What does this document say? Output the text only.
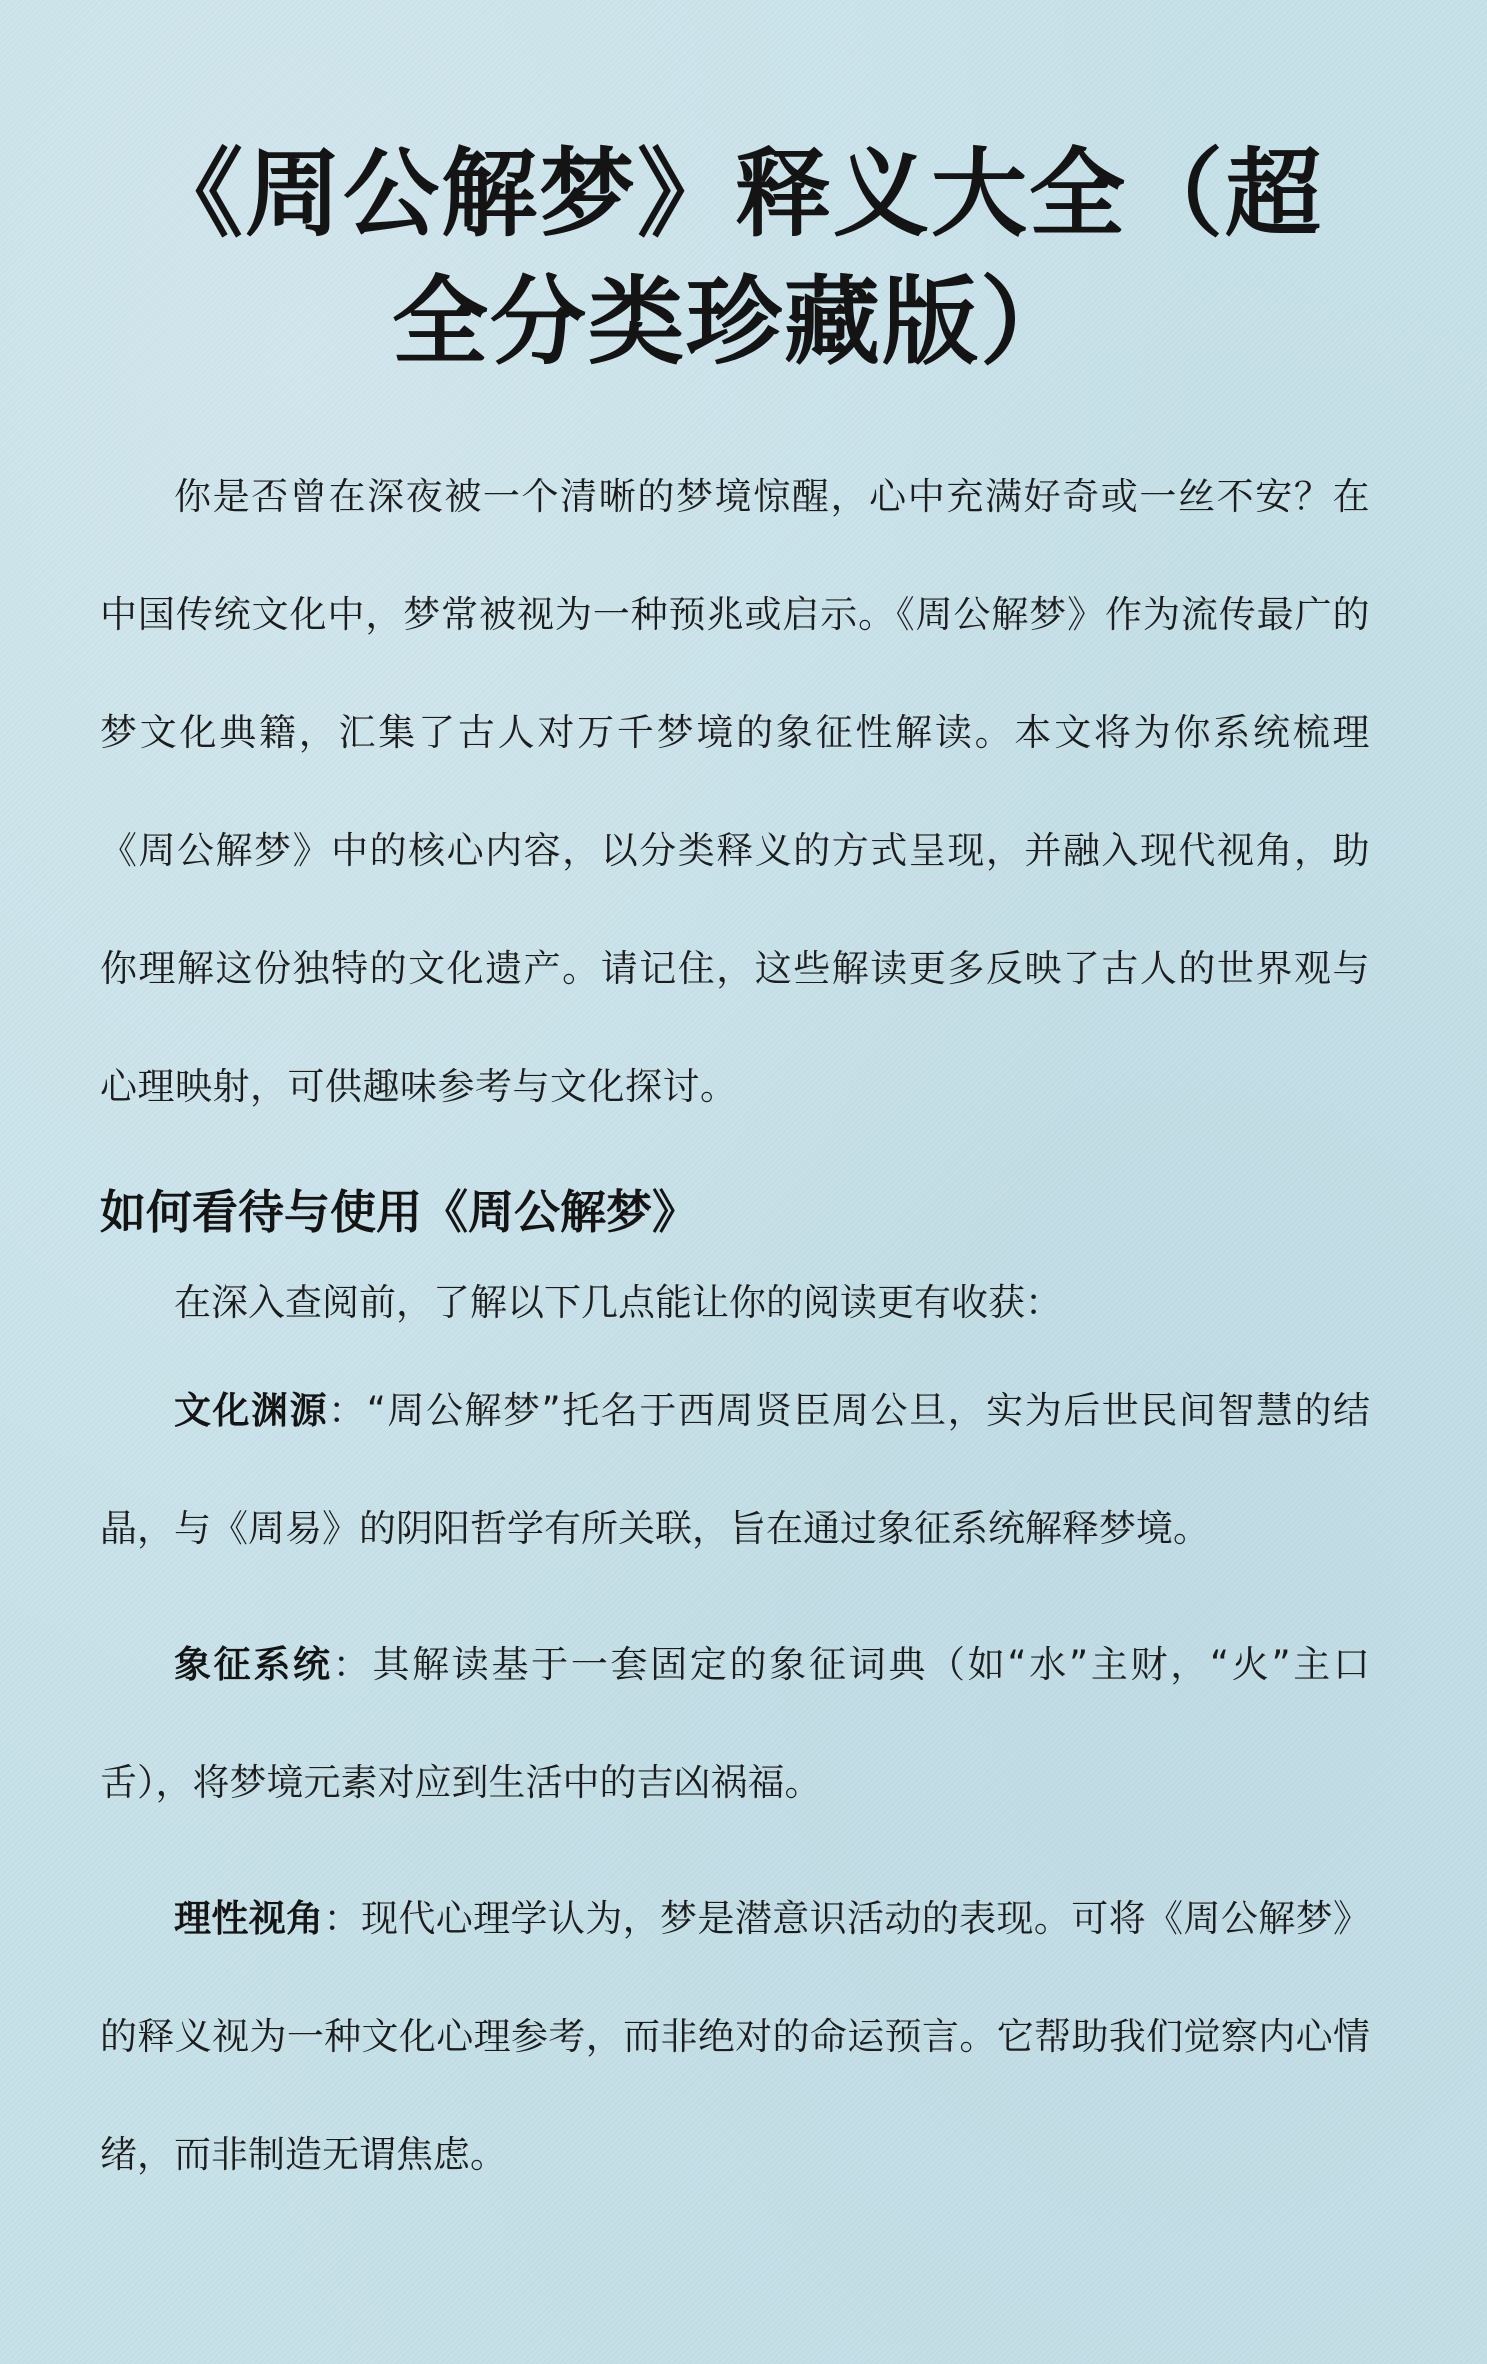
《周公解梦》释义大全（超全分类珍藏版）

你是否曾在深夜被一个清晰的梦境惊醒，心中充满好奇或一丝不安？在中国传统文化中，梦常被视为一种预兆或启示。《周公解梦》作为流传最广的梦文化典籍，汇集了古人对万千梦境的象征性解读。本文将为你系统梳理《周公解梦》中的核心内容，以分类释义的方式呈现，并融入现代视角，助你理解这份独特的文化遗产。请记住，这些解读更多反映了古人的世界观与心理映射，可供趣味参考与文化探讨。

如何看待与使用《周公解梦》

在深入查阅前，了解以下几点能让你的阅读更有收获：

文化渊源：“周公解梦”托名于西周贤臣周公旦，实为后世民间智慧的结晶，与《周易》的阴阳哲学有所关联，旨在通过象征系统解释梦境。

象征系统：其解读基于一套固定的象征词典（如“水”主财，“火”主口舌），将梦境元素对应到生活中的吉凶祸福。

理性视角：现代心理学认为，梦是潜意识活动的表现。可将《周公解梦》的释义视为一种文化心理参考，而非绝对的命运预言。它帮助我们觉察内心情绪，而非制造无谓焦虑。
